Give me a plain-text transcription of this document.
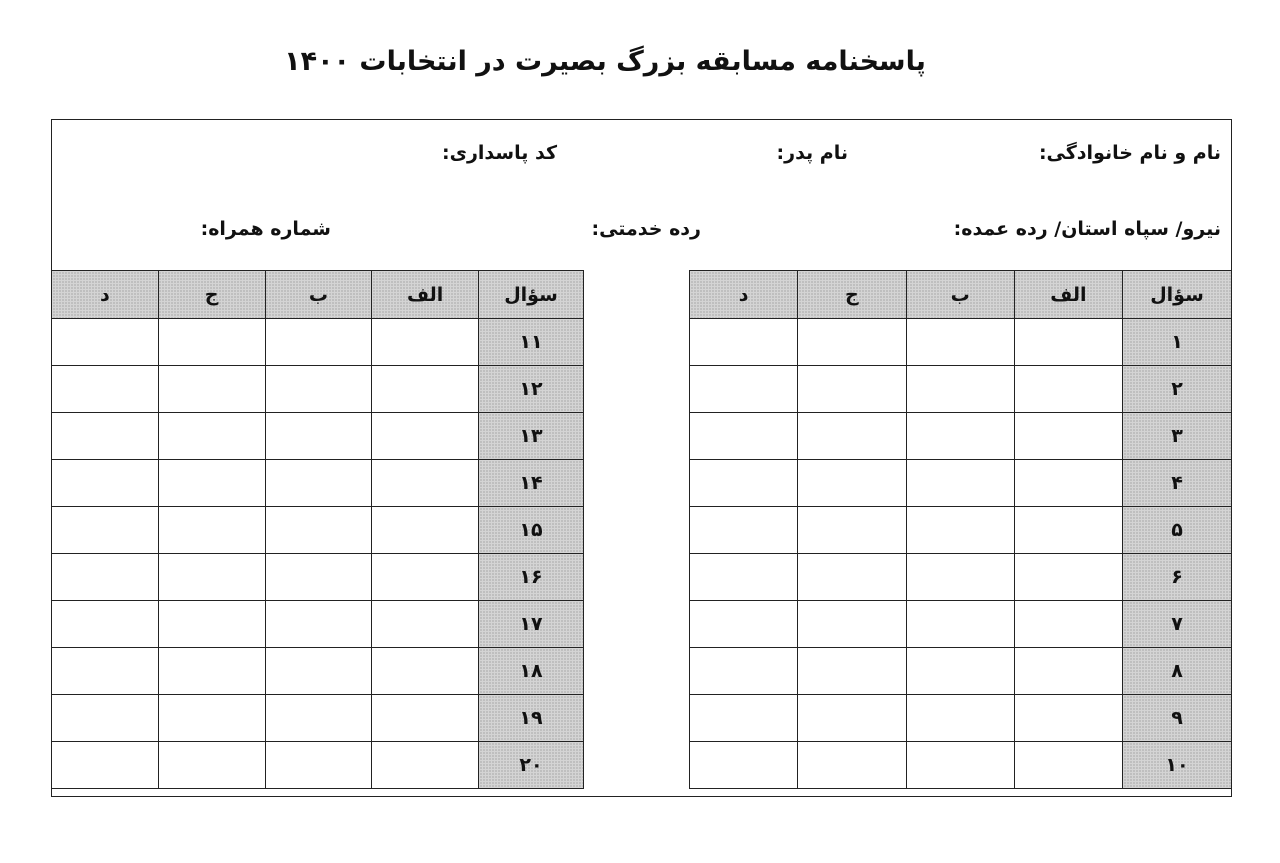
پاسخنامه مسابقه بزرگ بصیرت در انتخابات ۱۴۰۰
نام و نام خانوادگی:
نام پدر:
کد پاسداری:
نیرو/ سپاه استان/ رده عمده:
رده خدمتی:
شماره همراه:
سؤال	الف	ب	ج	د
۱				
۲				
۳				
۴				
۵				
۶				
۷				
۸				
۹				
۱۰				
سؤال	الف	ب	ج	د
۱۱				
۱۲				
۱۳				
۱۴				
۱۵				
۱۶				
۱۷				
۱۸				
۱۹				
۲۰				
